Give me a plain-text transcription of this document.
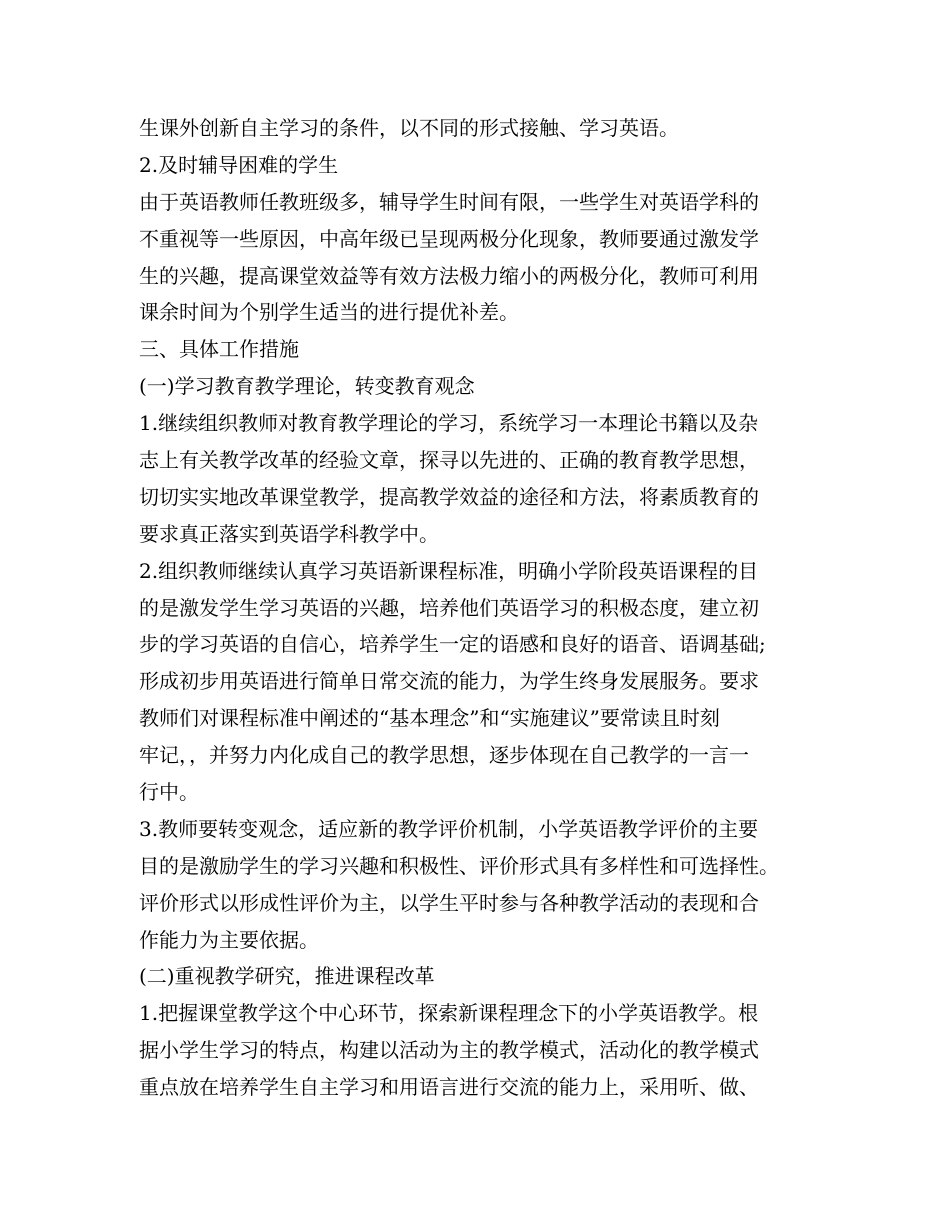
生课外创新自主学习的条件，以不同的形式接触、学习英语。
2.及时辅导困难的学生
由于英语教师任教班级多，辅导学生时间有限，一些学生对英语学科的
不重视等一些原因，中高年级已呈现两极分化现象，教师要通过激发学
生的兴趣，提高课堂效益等有效方法极力缩小的两极分化，教师可利用
课余时间为个别学生适当的进行提优补差。
三、具体工作措施
(一)学习教育教学理论，转变教育观念
1.继续组织教师对教育教学理论的学习，系统学习一本理论书籍以及杂
志上有关教学改革的经验文章，探寻以先进的、正确的教育教学思想，
切切实实地改革课堂教学，提高教学效益的途径和方法，将素质教育的
要求真正落实到英语学科教学中。
2.组织教师继续认真学习英语新课程标准，明确小学阶段英语课程的目
的是激发学生学习英语的兴趣，培养他们英语学习的积极态度，建立初
步的学习英语的自信心，培养学生一定的语感和良好的语音、语调基础;
形成初步用英语进行简单日常交流的能力，为学生终身发展服务。要求
教师们对课程标准中阐述的“基本理念”和“实施建议”要常读且时刻
牢记，，并努力内化成自己的教学思想，逐步体现在自己教学的一言一
行中。
3.教师要转变观念，适应新的教学评价机制，小学英语教学评价的主要
目的是激励学生的学习兴趣和积极性、评价形式具有多样性和可选择性。
评价形式以形成性评价为主，以学生平时参与各种教学活动的表现和合
作能力为主要依据。
(二)重视教学研究，推进课程改革
1.把握课堂教学这个中心环节，探索新课程理念下的小学英语教学。根
据小学生学习的特点，构建以活动为主的教学模式，活动化的教学模式
重点放在培养学生自主学习和用语言进行交流的能力上，采用听、做、
